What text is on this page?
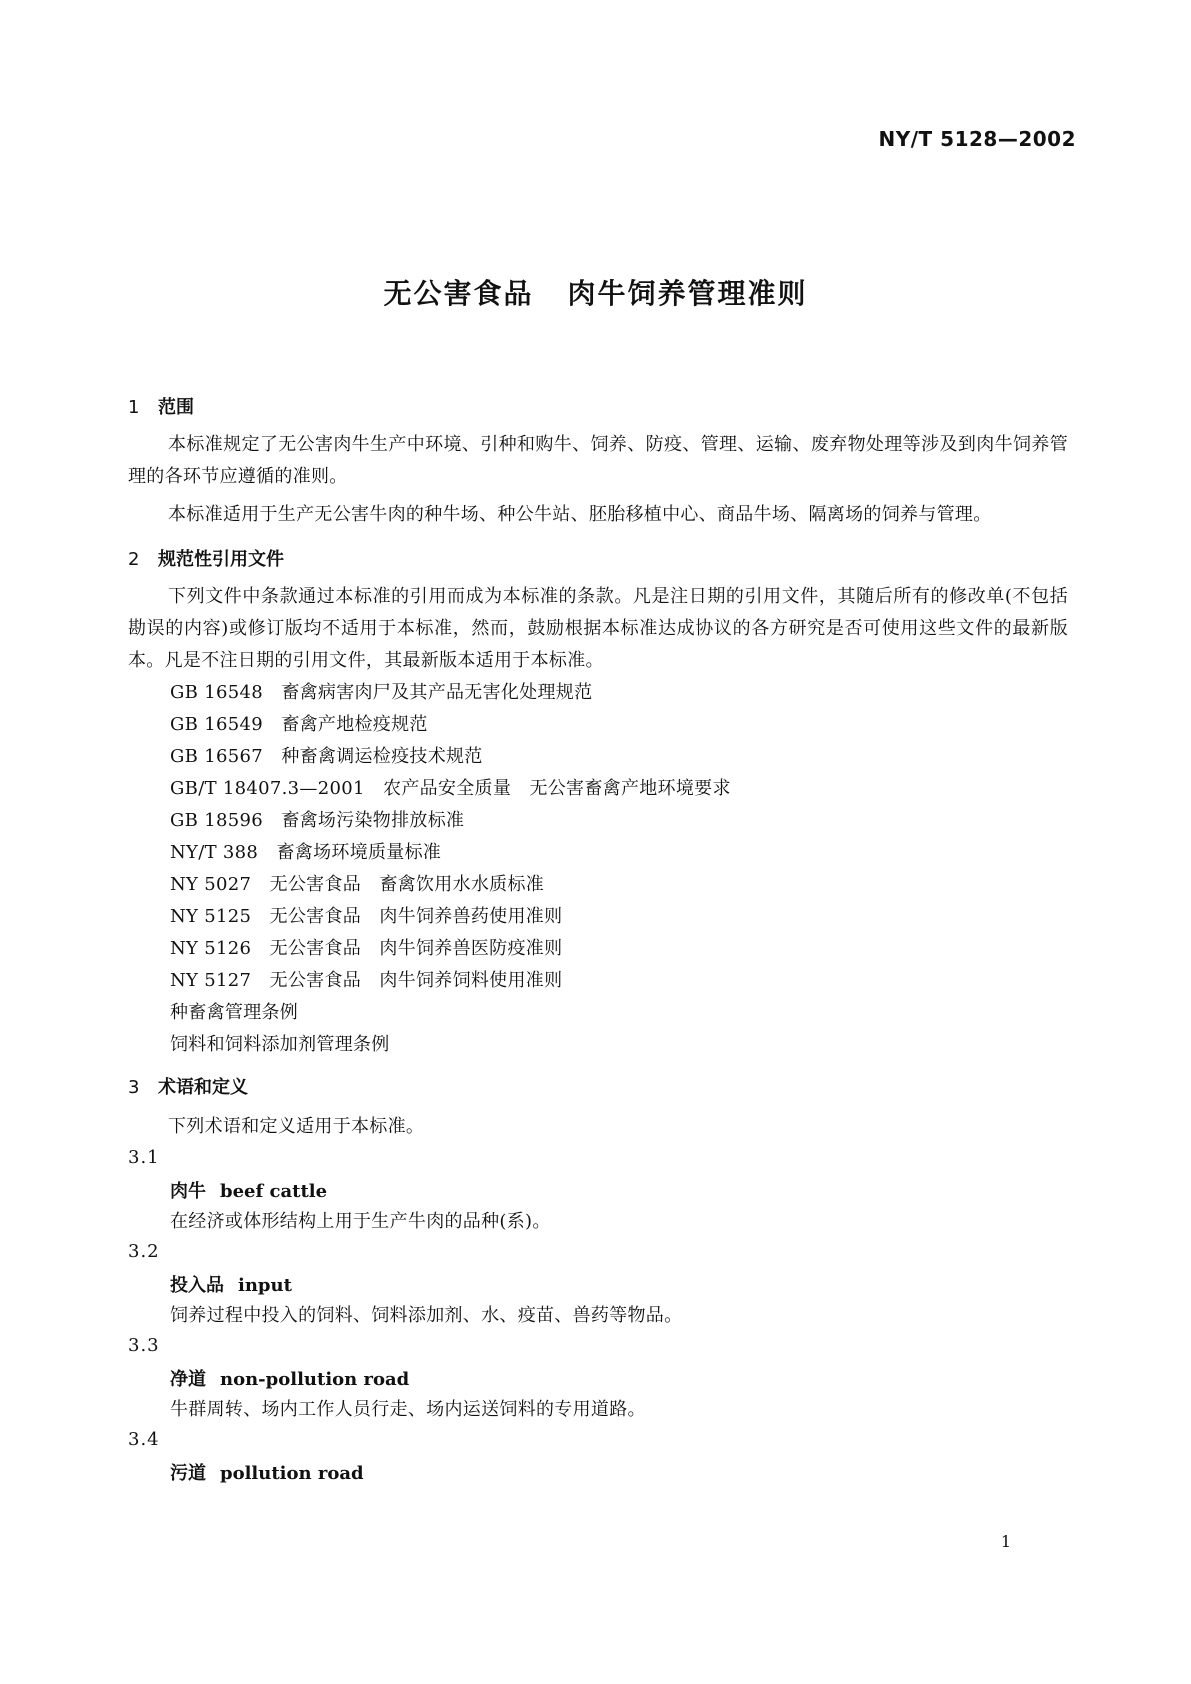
NY/T 5128—2002
无公害食品 肉牛饲养管理准则
1 范围

本标准规定了无公害肉牛生产中环境、引种和购牛、饲养、防疫、管理、运输、废弃物处理等涉及到肉牛饲养管理的各环节应遵循的准则。

本标准适用于生产无公害牛肉的种牛场、种公牛站、胚胎移植中心、商品牛场、隔离场的饲养与管理。

2 规范性引用文件

下列文件中条款通过本标准的引用而成为本标准的条款。凡是注日期的引用文件，其随后所有的修改单(不包括勘误的内容)或修订版均不适用于本标准，然而，鼓励根据本标准达成协议的各方研究是否可使用这些文件的最新版本。凡是不注日期的引用文件，其最新版本适用于本标准。

GB 16548　 畜禽病害肉尸及其产品无害化处理规范
GB 16549　 畜禽产地检疫规范
GB 16567　 种畜禽调运检疫技术规范
GB/T 18407.3—2001　 农产品安全质量　无公害畜禽产地环境要求
GB 18596　 畜禽场污染物排放标准
NY/T 388　 畜禽场环境质量标准
NY 5027　 无公害食品　畜禽饮用水水质标准
NY 5125　 无公害食品　肉牛饲养兽药使用准则
NY 5126　 无公害食品　肉牛饲养兽医防疫准则
NY 5127　 无公害食品　肉牛饲养饲料使用准则
种畜禽管理条例
饲料和饲料添加剂管理条例
3 术语和定义

下列术语和定义适用于本标准。

3.1
肉牛 beef cattle
在经济或体形结构上用于生产牛肉的品种(系)。
3.2
投入品 input
饲养过程中投入的饲料、饲料添加剂、水、疫苗、兽药等物品。
3.3
净道 non-pollution road
牛群周转、场内工作人员行走、场内运送饲料的专用道路。
3.4
污道 pollution road
1
